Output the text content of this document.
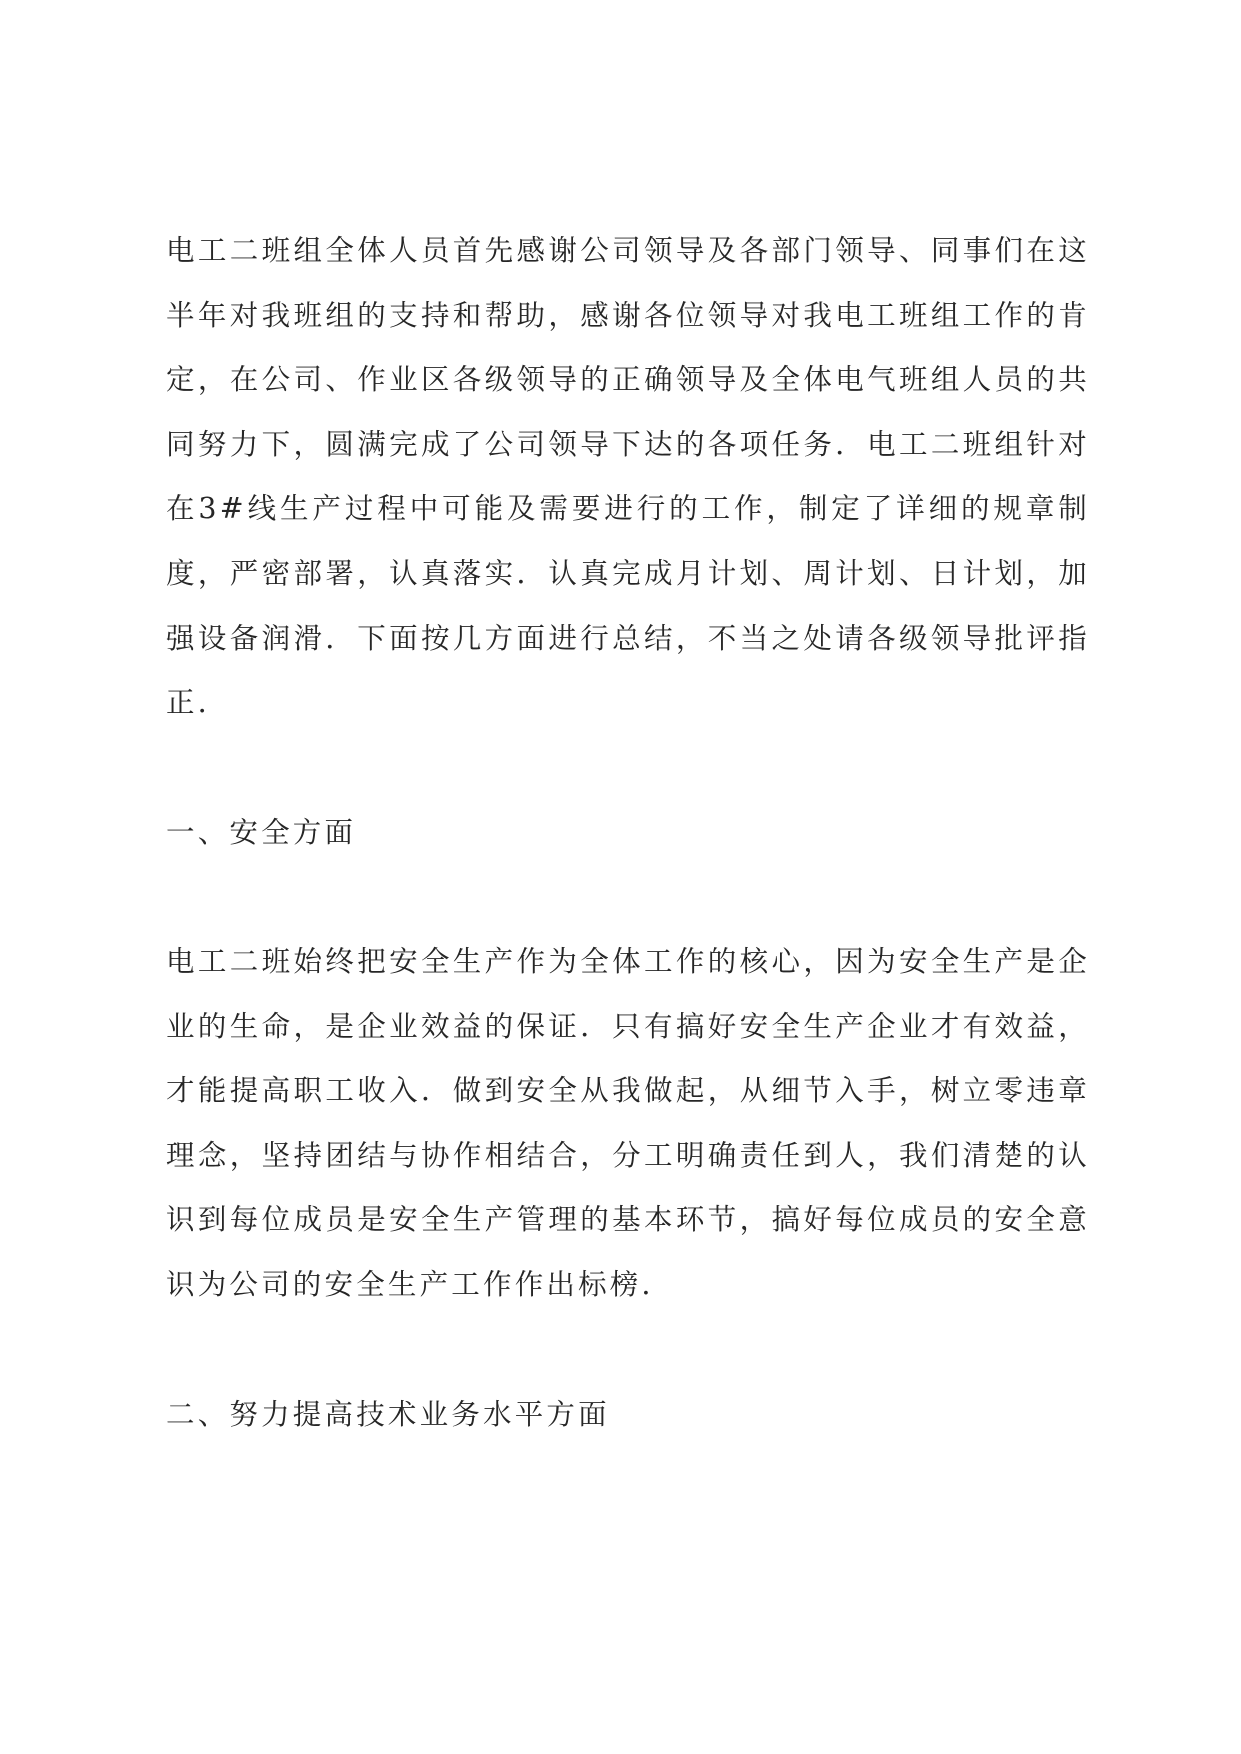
电工二班组全体人员首先感谢公司领导及各部门领导、同事们在这半年对我班组的支持和帮助，感谢各位领导对我电工班组工作的肯定，在公司、作业区各级领导的正确领导及全体电气班组人员的共同努力下，圆满完成了公司领导下达的各项任务．电工二班组针对在3#线生产过程中可能及需要进行的工作，制定了详细的规章制度，严密部署，认真落实．认真完成月计划、周计划、日计划，加强设备润滑．下面按几方面进行总结，不当之处请各级领导批评指正．

一、安全方面

电工二班始终把安全生产作为全体工作的核心，因为安全生产是企业的生命，是企业效益的保证．只有搞好安全生产企业才有效益，才能提高职工收入．做到安全从我做起，从细节入手，树立零违章理念，坚持团结与协作相结合，分工明确责任到人，我们清楚的认识到每位成员是安全生产管理的基本环节，搞好每位成员的安全意识为公司的安全生产工作作出标榜．

二、努力提高技术业务水平方面
